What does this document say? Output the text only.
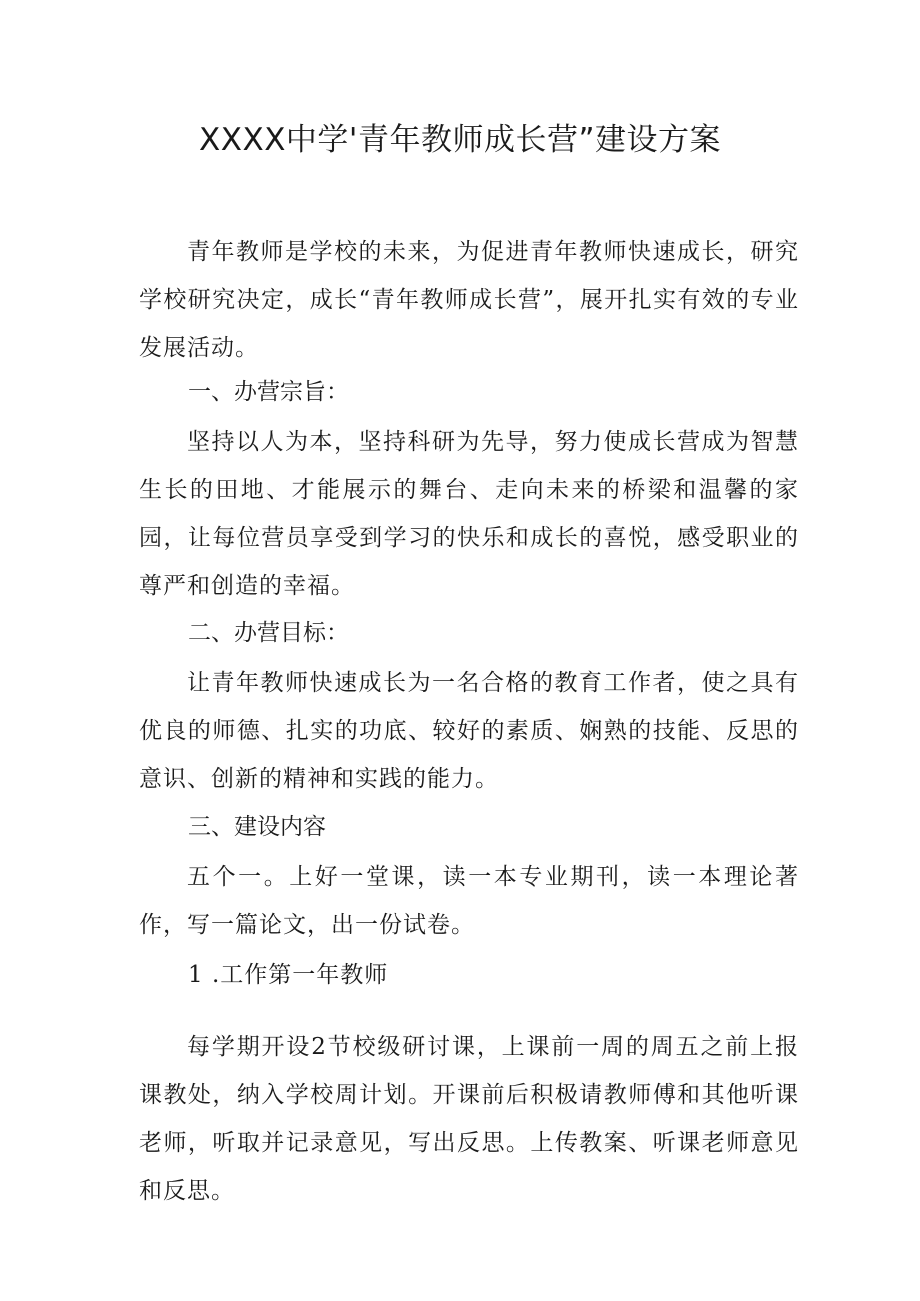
XXXX中学'青年教师成长营”建设方案
青年教师是学校的未来，为促进青年教师快速成长，研究学校研究决定，成长“青年教师成长营”，展开扎实有效的专业发展活动。
一、办营宗旨：
坚持以人为本，坚持科研为先导，努力使成长营成为智慧生长的田地、才能展示的舞台、走向未来的桥梁和温馨的家园，让每位营员享受到学习的快乐和成长的喜悦，感受职业的尊严和创造的幸福。
二、办营目标：
让青年教师快速成长为一名合格的教育工作者，使之具有优良的师德、扎实的功底、较好的素质、娴熟的技能、反思的意识、创新的精神和实践的能力。
三、建设内容
五个一。上好一堂课，读一本专业期刊，读一本理论著作，写一篇论文，出一份试卷。
1 .工作第一年教师
每学期开设2节校级研讨课，上课前一周的周五之前上报课教处，纳入学校周计划。开课前后积极请教师傅和其他听课老师，听取并记录意见，写出反思。上传教案、听课老师意见和反思。
